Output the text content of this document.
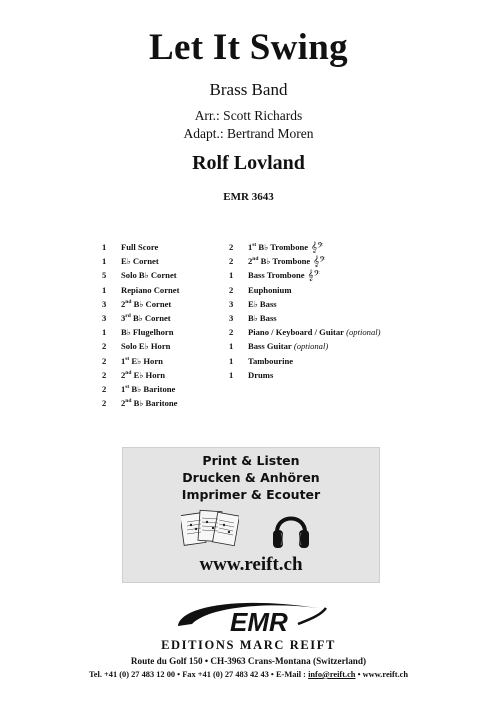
Let It Swing
Brass Band
Arr.: Scott Richards
Adapt.: Bertrand Moren
Rolf Lovland
EMR 3643
1	Full Score
1	E♭ Cornet
5	Solo B♭ Cornet
1	Repiano Cornet
3	2nd B♭ Cornet
3	3rd B♭ Cornet
1	B♭ Flugelhorn
2	Solo E♭ Horn
2	1st E♭ Horn
2	2nd E♭ Horn
2	1st B♭ Baritone
2	2nd B♭ Baritone
2	1st B♭ Trombone 𝄞𝄢
2	2nd B♭ Trombone 𝄞𝄢
1	Bass Trombone 𝄞𝄢
2	Euphonium
3	E♭ Bass
3	B♭ Bass
2	Piano / Keyboard / Guitar (optional)
1	Bass Guitar (optional)
1	Tambourine
1	Drums
Print & Listen
Drucken & Anhören
Imprimer & Ecouter
www.reift.ch
EMR
EDITIONS MARC REIFT
Route du Golf 150 • CH-3963 Crans-Montana (Switzerland)
Tel. +41 (0) 27 483 12 00 • Fax +41 (0) 27 483 42 43 • E-Mail : info@reift.ch • www.reift.ch
